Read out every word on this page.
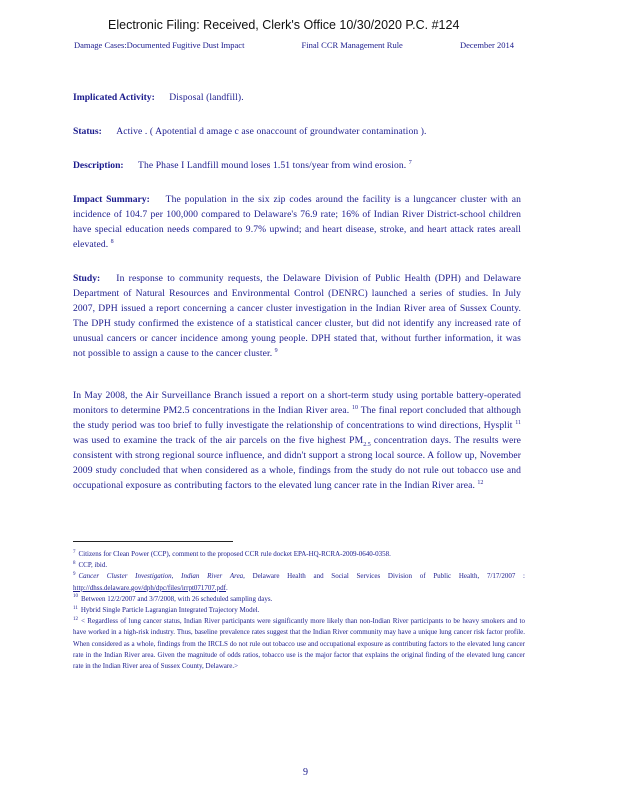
Electronic Filing: Received, Clerk's Office 10/30/2020 P.C. #124
Damage Cases:Documented Fugitive Dust Impact	Final CCR Management Rule	December 2014
Implicated Activity: Disposal (landfill).
Status: Active . ( Apotential d amage c ase onaccount of groundwater contamination ).
Description: The Phase I Landfill mound loses 1.51 tons/year from wind erosion. $^7$
Impact Summary: The population in the six zip codes around the facility is a lungcancer cluster with an incidence of 104.7 per 100,000 compared to Delaware's 76.9 rate; 16% of Indian River District-school children have special education needs compared to 9.7% upwind; and heart disease, stroke, and heart attack rates areall elevated. $^8$
Study: In response to community requests, the Delaware Division of Public Health (DPH) and Delaware Department of Natural Resources and Environmental Control (DENRC) launched a series of studies. In July 2007, DPH issued a report concerning a cancer cluster investigation in the Indian River area of Sussex County. The DPH study confirmed the existence of a statistical cancer cluster, but did not identify any increased rate of unusual cancers or cancer incidence among young people. DPH stated that, without further information, it was not possible to assign a cause to the cancer cluster. $^9$
In May 2008, the Air Surveillance Branch issued a report on a short-term study using portable battery-operated monitors to determine PM2.5 concentrations in the Indian River area. $^{10}$ The final report concluded that although the study period was too brief to fully investigate the relationship of concentrations to wind directions, Hysplit $^{11}$ was used to examine the track of the air parcels on the five highest $PM_{2.5}$ concentration days. The results were consistent with strong regional source influence, and didn't support a strong local source. A follow up, November 2009 study concluded that when considered as a whole, findings from the study do not rule out tobacco use and occupational exposure as contributing factors to the elevated lung cancer rate in the Indian River area. $^{12}$
$^7$ Citizens for Clean Power (CCP), comment to the proposed CCR rule docket EPA-HQ-RCRA-2009-0640-0358.
$^8$ CCP, ibid.
$^9$ Cancer Cluster Investigation, Indian River Area, Delaware Health and Social Services Division of Public Health, 7/17/2007 : http://dhss.delaware.gov/dph/dpc/files/irrpt071707.pdf.
$^{10}$ Between 12/2/2007 and 3/7/2008, with 26 scheduled sampling days.
$^{11}$ Hybrid Single Particle Lagrangian Integrated Trajectory Model.
$^{12}$ < Regardless of lung cancer status, Indian River participants were significantly more likely than non-Indian River participants to be heavy smokers and to have worked in a high-risk industry. Thus, baseline prevalence rates suggest that the Indian River community may have a unique lung cancer risk factor profile. When considered as a whole, findings from the IRCLS do not rule out tobacco use and occupational exposure as contributing factors to the elevated lung cancer rate in the Indian River area. Given the magnitude of odds ratios, tobacco use is the major factor that explains the original finding of the elevated lung cancer rate in the Indian River area of Sussex County, Delaware.>
9
